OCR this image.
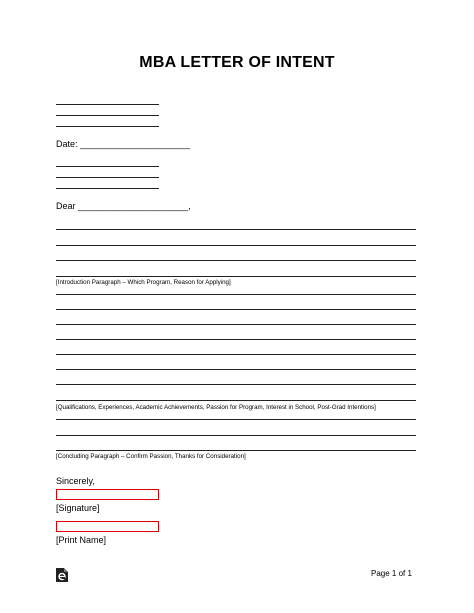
MBA LETTER OF INTENT
Date: ______________________
Dear ______________________,
[Introduction Paragraph – Which Program, Reason for Applying]
[Qualifications, Experiences, Academic Achievements, Passion for Program, Interest in School, Post-Grad Intentions]
[Concluding Paragraph – Confirm Passion, Thanks for Consideration]
Sincerely,
[Signature]
[Print Name]
Page 1 of 1
